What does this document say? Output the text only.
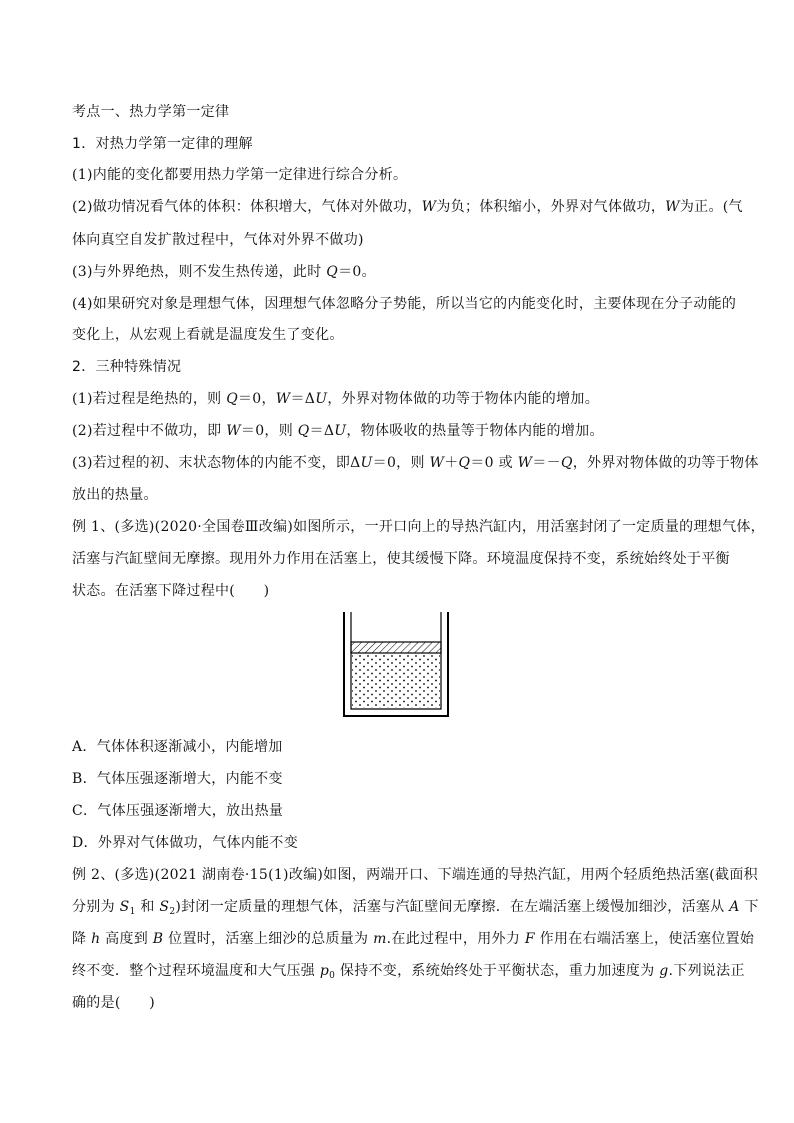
考点一、热力学第一定律

1．对热力学第一定律的理解

(1)内能的变化都要用热力学第一定律进行综合分析。

(2)做功情况看气体的体积：体积增大，气体对外做功，W为负；体积缩小，外界对气体做功，W为正。(气

体向真空自发扩散过程中，气体对外界不做功)

(3)与外界绝热，则不发生热传递，此时 Q＝0。

(4)如果研究对象是理想气体，因理想气体忽略分子势能，所以当它的内能变化时，主要体现在分子动能的

变化上，从宏观上看就是温度发生了变化。

2．三种特殊情况

(1)若过程是绝热的，则 Q＝0，W＝ΔU，外界对物体做的功等于物体内能的增加。

(2)若过程中不做功，即 W＝0，则 Q＝ΔU，物体吸收的热量等于物体内能的增加。

(3)若过程的初、末状态物体的内能不变，即ΔU＝0，则 W＋Q＝0 或 W＝－Q，外界对物体做的功等于物体

放出的热量。

例 1、(多选)(2020·全国卷Ⅲ改编)如图所示，一开口向上的导热汽缸内，用活塞封闭了一定质量的理想气体，

活塞与汽缸壁间无摩擦。现用外力作用在活塞上，使其缓慢下降。环境温度保持不变，系统始终处于平衡

状态。在活塞下降过程中(　　)

A．气体体积逐渐减小，内能增加

B．气体压强逐渐增大，内能不变

C．气体压强逐渐增大，放出热量

D．外界对气体做功，气体内能不变

例 2、(多选)(2021 湖南卷·15(1)改编)如图，两端开口、下端连通的导热汽缸，用两个轻质绝热活塞(截面积

分别为 $S_1$ 和 $S_2$)封闭一定质量的理想气体，活塞与汽缸壁间无摩擦．在左端活塞上缓慢加细沙，活塞从 A 下

降 h 高度到 B 位置时，活塞上细沙的总质量为 m.在此过程中，用外力 F 作用在右端活塞上，使活塞位置始

终不变．整个过程环境温度和大气压强 $p_0$ 保持不变，系统始终处于平衡状态，重力加速度为 g.下列说法正

确的是(　　)
